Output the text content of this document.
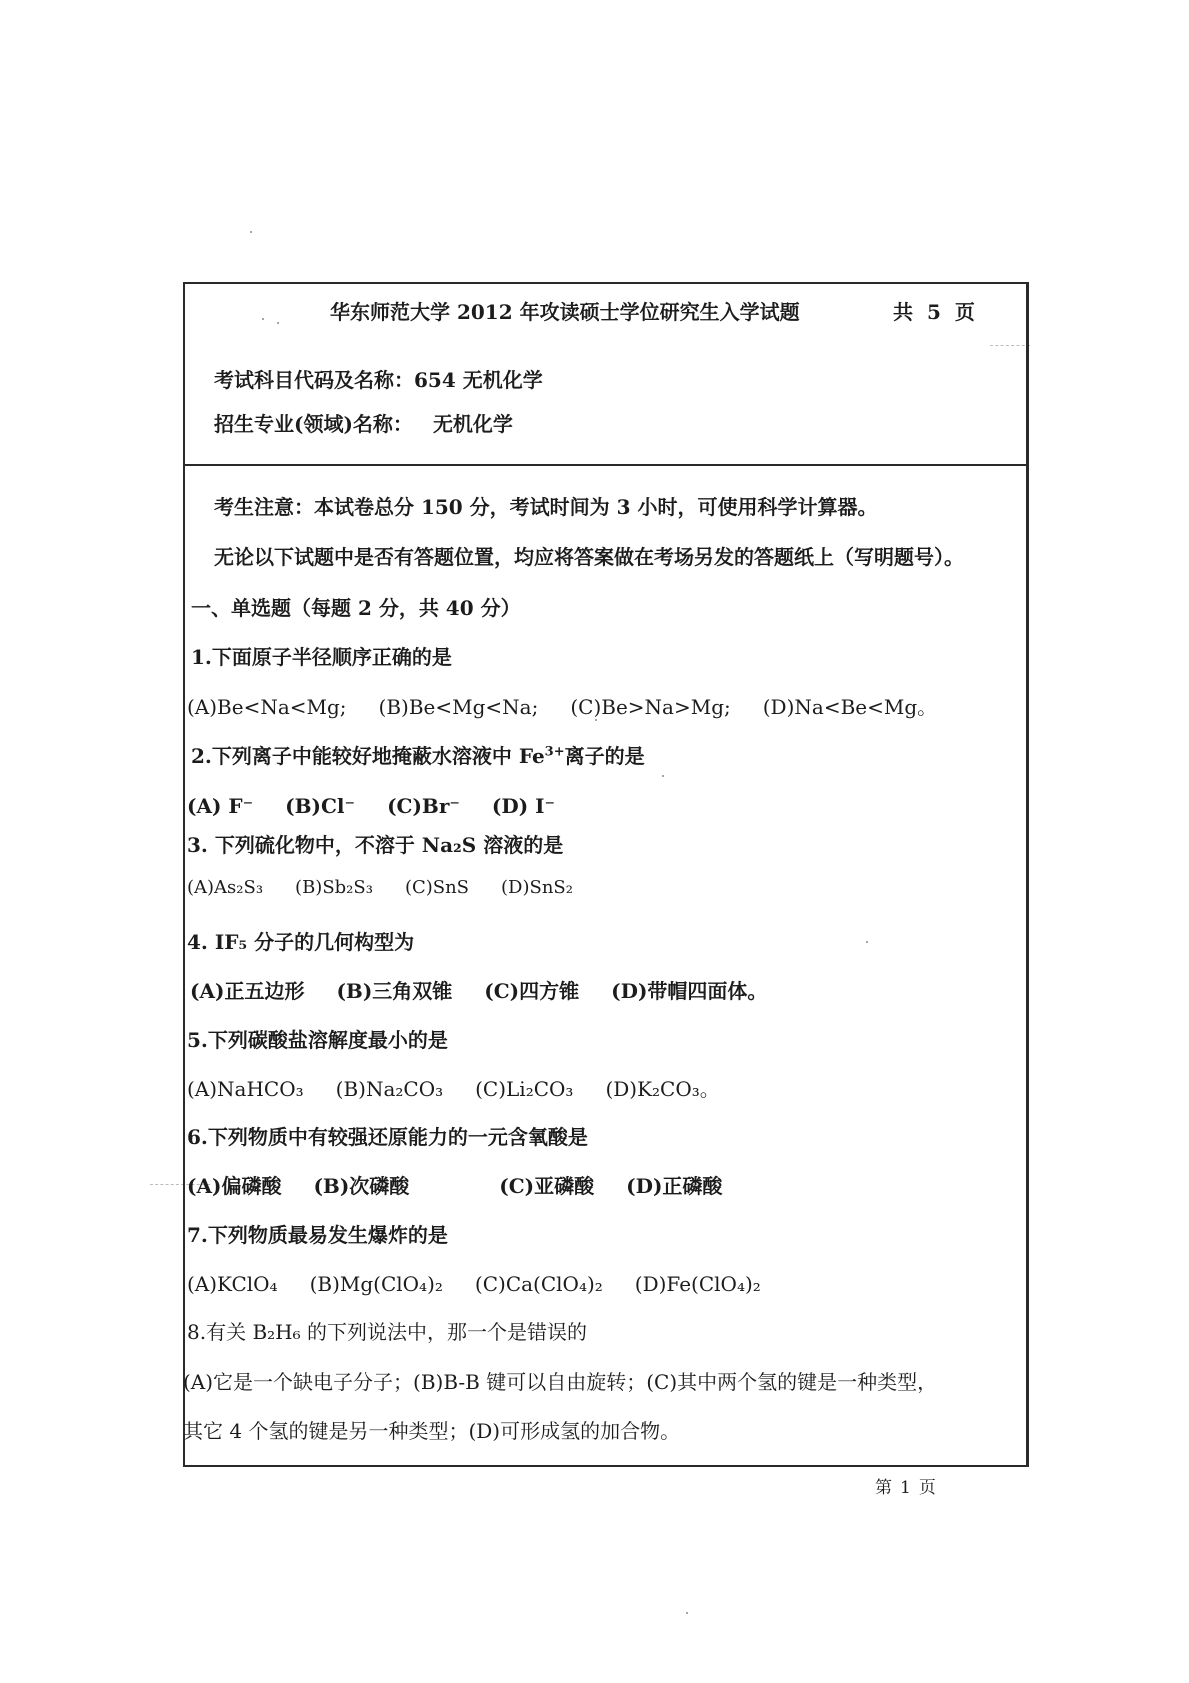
华东师范大学 2012 年攻读硕士学位研究生入学试题	共 5 页
考试科目代码及名称：654 无机化学
招生专业(领域)名称： 无机化学
考生注意：本试卷总分 150 分，考试时间为 3 小时，可使用科学计算器。
无论以下试题中是否有答题位置，均应将答案做在考场另发的答题纸上（写明题号）。
一、单选题（每题 2 分，共 40 分）
1.下面原子半径顺序正确的是
(A)Be<Na<Mg; (B)Be<Mg<Na; (C)Be>Na>Mg; (D)Na<Be<Mg。
2.下列离子中能较好地掩蔽水溶液中 $Fe^{3+}$离子的是
(A) F⁻ (B)Cl⁻ (C)Br⁻ (D) I⁻
3. 下列硫化物中，不溶于 Na₂S 溶液的是
(A)As₂S₃ (B)Sb₂S₃ (C)SnS (D)SnS₂
4. IF₅ 分子的几何构型为
(A)正五边形 (B)三角双锥 (C)四方锥 (D)带帽四面体。
5.下列碳酸盐溶解度最小的是
(A)NaHCO₃ (B)Na₂CO₃ (C)Li₂CO₃ (D)K₂CO₃。
6.下列物质中有较强还原能力的一元含氧酸是
(A)偏磷酸 (B)次磷酸	(C)亚磷酸 (D)正磷酸
7.下列物质最易发生爆炸的是
(A)KClO₄ (B)Mg(ClO₄)₂ (C)Ca(ClO₄)₂ (D)Fe(ClO₄)₂
8.有关 B₂H₆ 的下列说法中，那一个是错误的
(A)它是一个缺电子分子；(B)B-B 键可以自由旋转；(C)其中两个氢的键是一种类型，
其它 4 个氢的键是另一种类型；(D)可形成氢的加合物。
第 1 页
